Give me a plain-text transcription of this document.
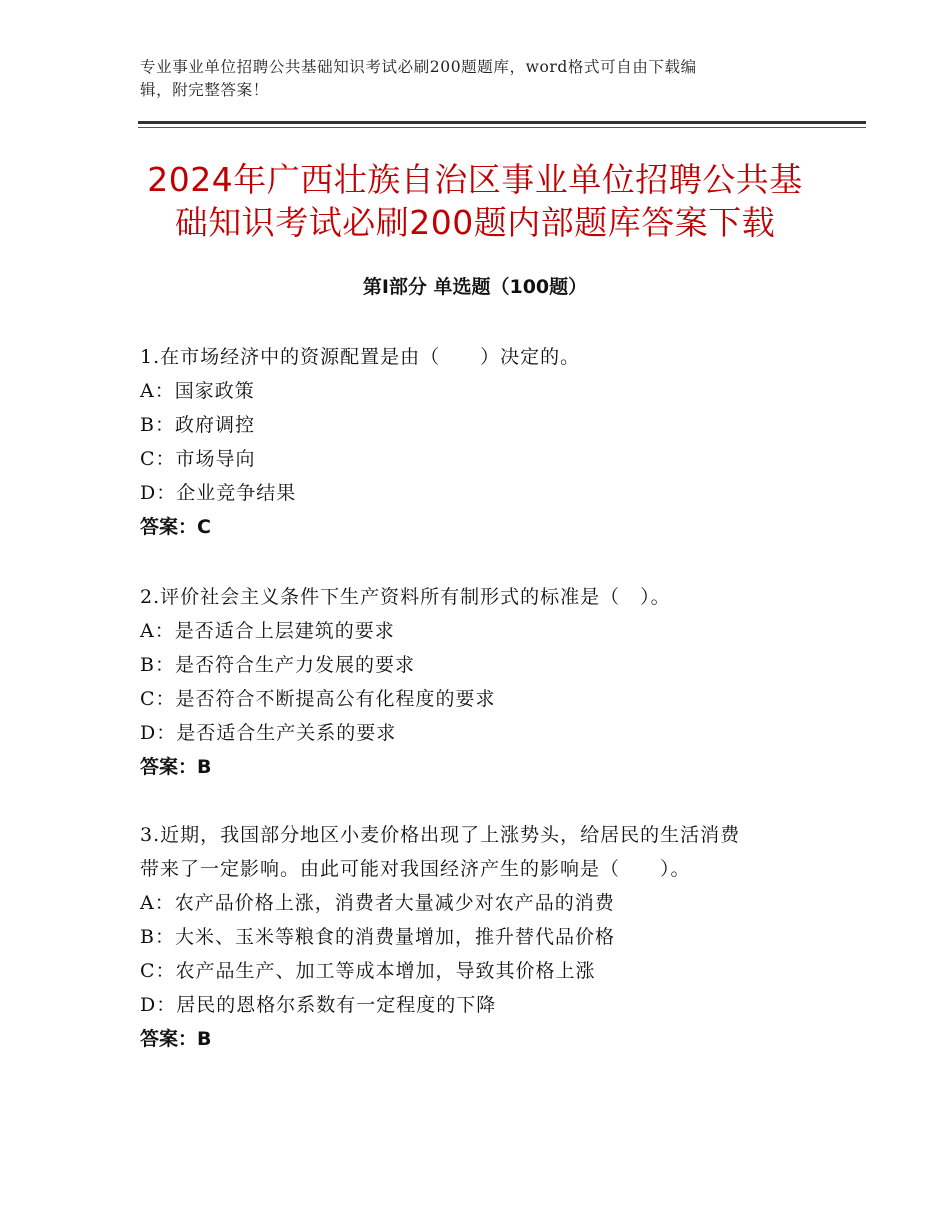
专业事业单位招聘公共基础知识考试必刷200题题库，word格式可自由下载编
辑，附完整答案！
2024年广西壮族自治区事业单位招聘公共基
础知识考试必刷200题内部题库答案下载
第Ⅰ部分 单选题（100题）
1.在市场经济中的资源配置是由（　　）决定的。
A：国家政策
B：政府调控
C：市场导向
D：企业竞争结果
答案：C
2.评价社会主义条件下生产资料所有制形式的标准是（　）。
A：是否适合上层建筑的要求
B：是否符合生产力发展的要求
C：是否符合不断提高公有化程度的要求
D：是否适合生产关系的要求
答案：B
3.近期，我国部分地区小麦价格出现了上涨势头，给居民的生活消费
带来了一定影响。由此可能对我国经济产生的影响是（　　）。
A：农产品价格上涨，消费者大量减少对农产品的消费
B：大米、玉米等粮食的消费量增加，推升替代品价格
C：农产品生产、加工等成本增加，导致其价格上涨
D：居民的恩格尔系数有一定程度的下降
答案：B
